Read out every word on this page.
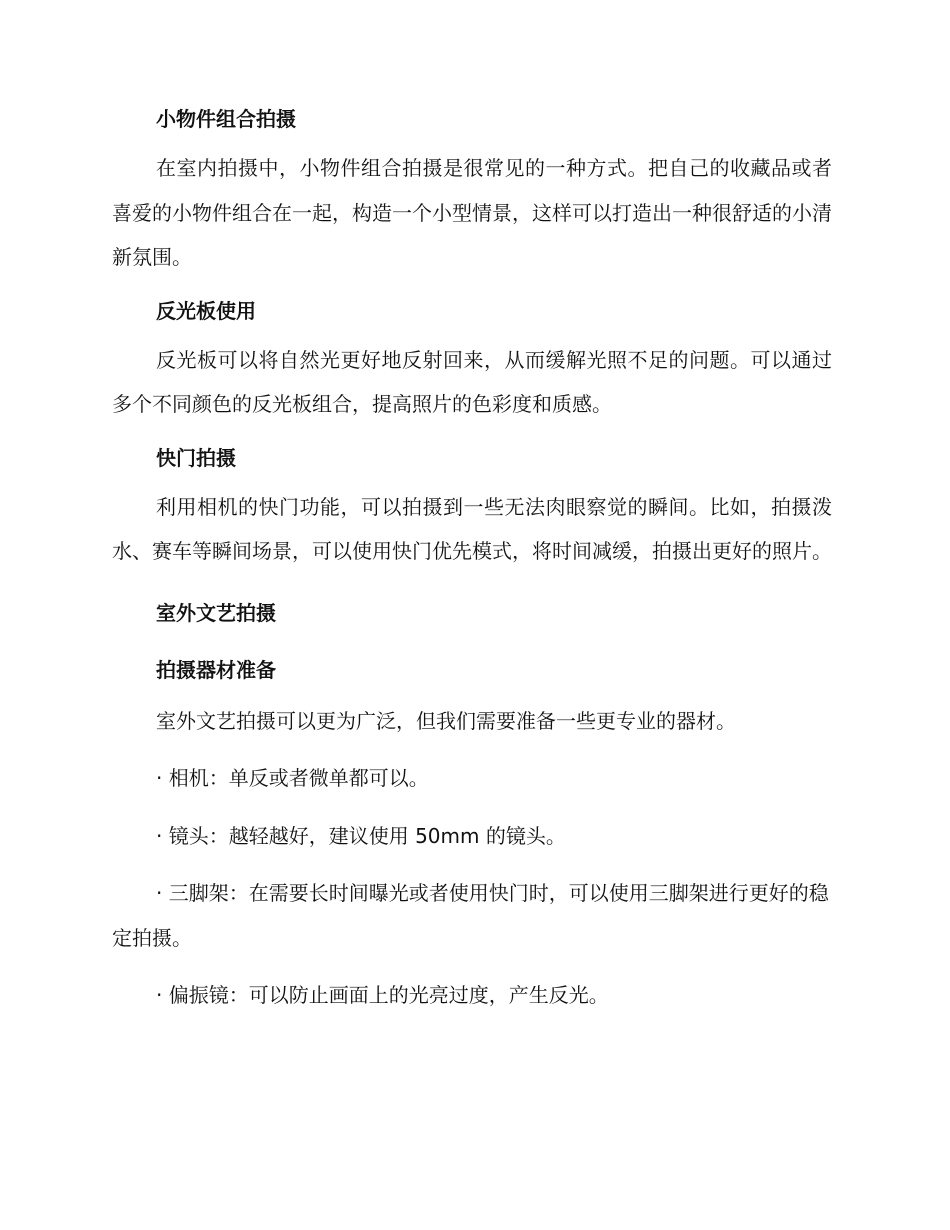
小物件组合拍摄

在室内拍摄中，小物件组合拍摄是很常见的一种方式。把自己的收藏品或者喜爱的小物件组合在一起，构造一个小型情景，这样可以打造出一种很舒适的小清新氛围。

反光板使用

反光板可以将自然光更好地反射回来，从而缓解光照不足的问题。可以通过多个不同颜色的反光板组合，提高照片的色彩度和质感。

快门拍摄

利用相机的快门功能，可以拍摄到一些无法肉眼察觉的瞬间。比如，拍摄泼水、赛车等瞬间场景，可以使用快门优先模式，将时间减缓，拍摄出更好的照片。

室外文艺拍摄
拍摄器材准备

室外文艺拍摄可以更为广泛，但我们需要准备一些更专业的器材。

· 相机：单反或者微单都可以。

· 镜头：越轻越好，建议使用 50mm 的镜头。

· 三脚架：在需要长时间曝光或者使用快门时，可以使用三脚架进行更好的稳定拍摄。

· 偏振镜：可以防止画面上的光亮过度，产生反光。
